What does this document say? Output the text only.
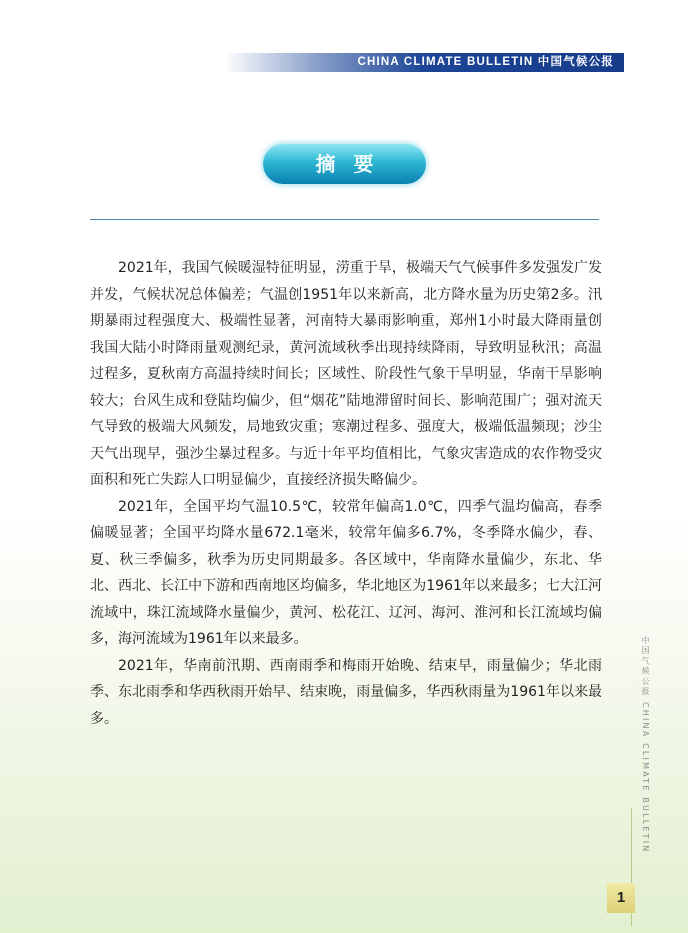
CHINA CLIMATE BULLETIN 中国气候公报
摘要

2021年，我国气候暖湿特征明显，涝重于旱，极端天气气候事件多发强发广发并发，气候状况总体偏差；气温创1951年以来新高，北方降水量为历史第2多。汛期暴雨过程强度大、极端性显著，河南特大暴雨影响重，郑州1小时最大降雨量创我国大陆小时降雨量观测纪录，黄河流域秋季出现持续降雨，导致明显秋汛；高温过程多，夏秋南方高温持续时间长；区域性、阶段性气象干旱明显，华南干旱影响较大；台风生成和登陆均偏少，但“烟花”陆地滞留时间长、影响范围广；强对流天气导致的极端大风频发，局地致灾重；寒潮过程多、强度大，极端低温频现；沙尘天气出现早，强沙尘暴过程多。与近十年平均值相比，气象灾害造成的农作物受灾面积和死亡失踪人口明显偏少，直接经济损失略偏少。

2021年，全国平均气温10.5℃，较常年偏高1.0℃，四季气温均偏高，春季偏暖显著；全国平均降水量672.1毫米，较常年偏多6.7%，冬季降水偏少，春、夏、秋三季偏多，秋季为历史同期最多。各区域中，华南降水量偏少，东北、华北、西北、长江中下游和西南地区均偏多，华北地区为1961年以来最多；七大江河流域中，珠江流域降水量偏少，黄河、松花江、辽河、海河、淮河和长江流域均偏多，海河流域为1961年以来最多。

2021年，华南前汛期、西南雨季和梅雨开始晚、结束早，雨量偏少；华北雨季、东北雨季和华西秋雨开始早、结束晚，雨量偏多，华西秋雨量为1961年以来最多。	中国气候公报 CHINA CLIMATE BULLETIN
1
